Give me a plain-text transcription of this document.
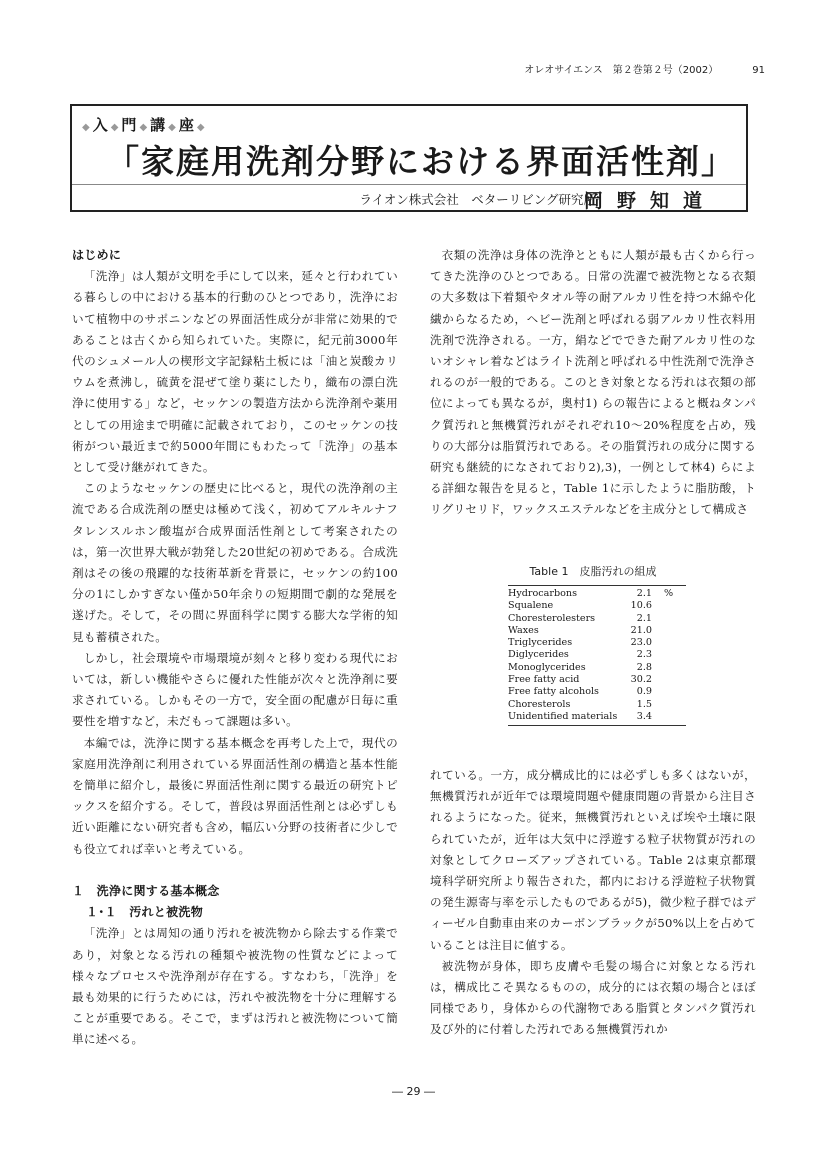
オレオサイエンス　第２巻第２号（2002）	91
◆ 入 ◆ 門 ◆ 講 ◆ 座 ◆
「家庭用洗剤分野における界面活性剤」
ライオン株式会社　ベターリビング研究所
岡野知道

はじめに

「洗浄」は人類が文明を手にして以来，延々と行われている暮らしの中における基本的行動のひとつであり，洗浄において植物中のサポニンなどの界面活性成分が非常に効果的であることは古くから知られていた。実際に，紀元前3000年代のシュメール人の楔形文字記録粘土板には「油と炭酸カリウムを煮沸し，硫黄を混ぜて塗り薬にしたり，織布の漂白洗浄に使用する」など，セッケンの製造方法から洗浄剤や薬用としての用途まで明確に記載されており，このセッケンの技術がつい最近まで約5000年間にもわたって「洗浄」の基本として受け継がれてきた。

このようなセッケンの歴史に比べると，現代の洗浄剤の主流である合成洗剤の歴史は極めて浅く，初めてアルキルナフタレンスルホン酸塩が合成界面活性剤として考案されたのは，第一次世界大戦が勃発した20世紀の初めである。合成洗剤はその後の飛躍的な技術革新を背景に，セッケンの約100分の1にしかすぎない僅か50年余りの短期間で劇的な発展を遂げた。そして，その間に界面科学に関する膨大な学術的知見も蓄積された。

しかし，社会環境や市場環境が刻々と移り変わる現代においては，新しい機能やさらに優れた性能が次々と洗浄剤に要求されている。しかもその一方で，安全面の配慮が日毎に重要性を増すなど，未だもって課題は多い。

本編では，洗浄に関する基本概念を再考した上で，現代の家庭用洗浄剤に利用されている界面活性剤の構造と基本性能を簡単に紹介し，最後に界面活性剤に関する最近の研究トピックスを紹介する。そして，普段は界面活性剤とは必ずしも近い距離にない研究者も含め，幅広い分野の技術者に少しでも役立てれば幸いと考えている。

１　洗浄に関する基本概念

１･１　汚れと被洗物

「洗浄」とは周知の通り汚れを被洗物から除去する作業であり，対象となる汚れの種類や被洗物の性質などによって様々なプロセスや洗浄剤が存在する。すなわち，「洗浄」を最も効果的に行うためには，汚れや被洗物を十分に理解することが重要である。そこで，まずは汚れと被洗物について簡単に述べる。

衣類の洗浄は身体の洗浄とともに人類が最も古くから行ってきた洗浄のひとつである。日常の洗濯で被洗物となる衣類の大多数は下着類やタオル等の耐アルカリ性を持つ木綿や化繊からなるため，ヘビー洗剤と呼ばれる弱アルカリ性衣料用洗剤で洗浄される。一方，絹などでできた耐アルカリ性のないオシャレ着などはライト洗剤と呼ばれる中性洗剤で洗浄されるのが一般的である。このとき対象となる汚れは衣類の部位によっても異なるが，奥村1) らの報告によると概ねタンパク質汚れと無機質汚れがそれぞれ10～20%程度を占め，残りの大部分は脂質汚れである。その脂質汚れの成分に関する研究も継続的になされており2),3)，一例として林4) らによる詳細な報告を見ると，Table 1に示したように脂肪酸，トリグリセリド，ワックスエステルなどを主成分として構成さ

Table 1　皮脂汚れの組成
Hydrocarbons	2.1	%
Squalene	10.6	
Choresterolesters	2.1	
Waxes	21.0	
Triglycerides	23.0	
Diglycerides	2.3	
Monoglycerides	2.8	
Free fatty acid	30.2	
Free fatty alcohols	0.9	
Choresterols	1.5	
Unidentified materials	3.4	

れている。一方，成分構成比的には必ずしも多くはないが，無機質汚れが近年では環境問題や健康問題の背景から注目されるようになった。従来，無機質汚れといえば埃や土壌に限られていたが，近年は大気中に浮遊する粒子状物質が汚れの対象としてクローズアップされている。Table 2は東京都環境科学研究所より報告された，都内における浮遊粒子状物質の発生源寄与率を示したものであるが5)，微少粒子群ではディーゼル自動車由来のカーボンブラックが50%以上を占めていることは注目に値する。

被洗物が身体，即ち皮膚や毛髪の場合に対象となる汚れは，構成比こそ異なるものの，成分的には衣類の場合とほぼ同様であり，身体からの代謝物である脂質とタンパク質汚れ及び外的に付着した汚れである無機質汚れか

― 29 ―
